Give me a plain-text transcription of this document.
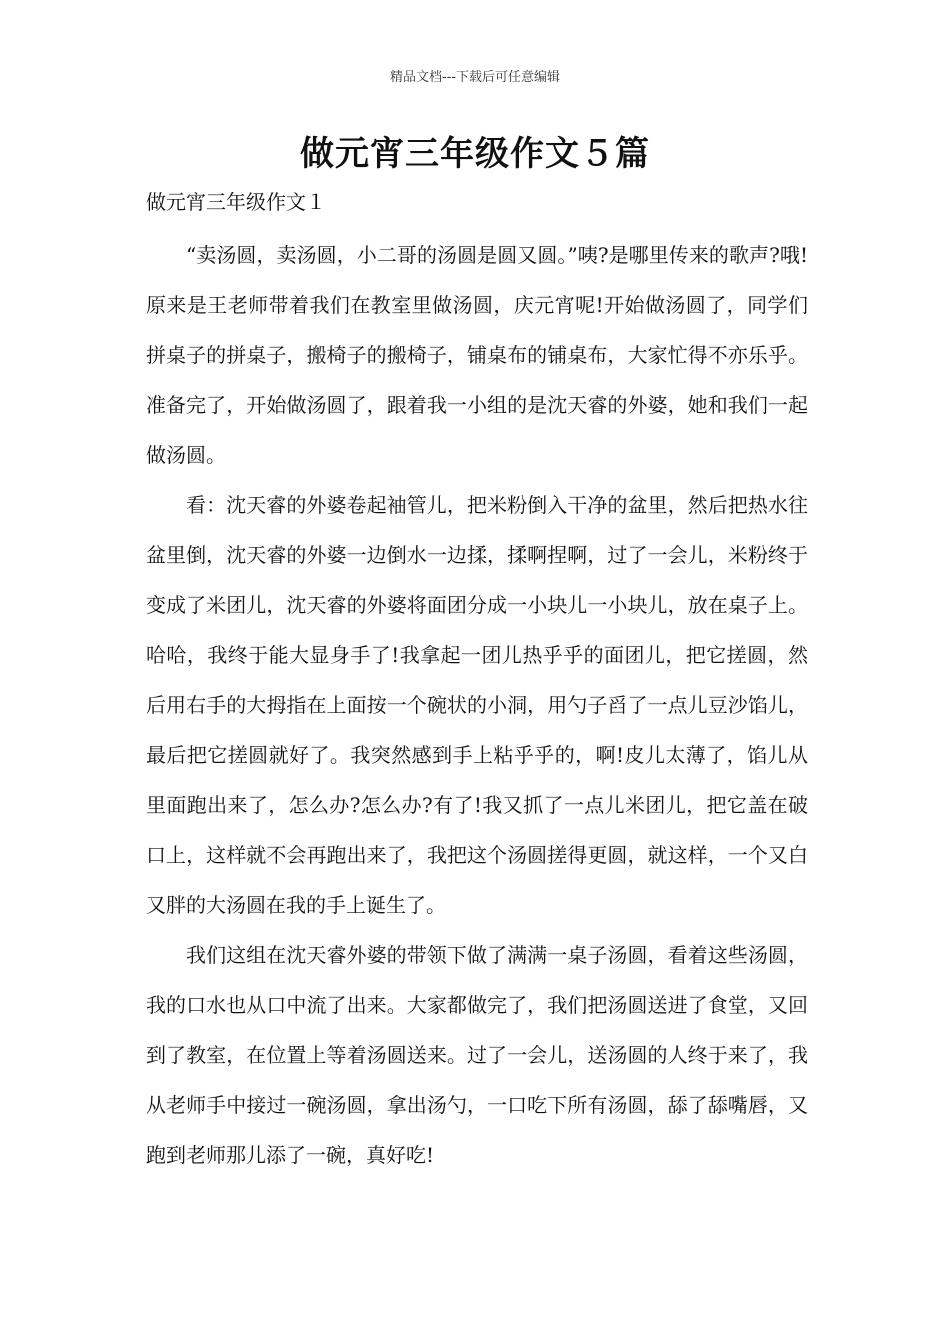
精品文档---下载后可任意编辑
做元宵三年级作文５篇

做元宵三年级作文１

“卖汤圆，卖汤圆，小二哥的汤圆是圆又圆。”咦?是哪里传来的歌声?哦!原来是王老师带着我们在教室里做汤圆，庆元宵呢!开始做汤圆了，同学们拼桌子的拼桌子，搬椅子的搬椅子，铺桌布的铺桌布，大家忙得不亦乐乎。准备完了，开始做汤圆了，跟着我一小组的是沈天睿的外婆，她和我们一起做汤圆。

看：沈天睿的外婆卷起袖管儿，把米粉倒入干净的盆里，然后把热水往盆里倒，沈天睿的外婆一边倒水一边揉，揉啊捏啊，过了一会儿，米粉终于变成了米团儿，沈天睿的外婆将面团分成一小块儿一小块儿，放在桌子上。哈哈，我终于能大显身手了!我拿起一团儿热乎乎的面团儿，把它搓圆，然后用右手的大拇指在上面按一个碗状的小洞，用勺子舀了一点儿豆沙馅儿，最后把它搓圆就好了。我突然感到手上粘乎乎的，啊!皮儿太薄了，馅儿从里面跑出来了，怎么办?怎么办?有了!我又抓了一点儿米团儿，把它盖在破口上，这样就不会再跑出来了，我把这个汤圆搓得更圆，就这样，一个又白又胖的大汤圆在我的手上诞生了。

我们这组在沈天睿外婆的带领下做了满满一桌子汤圆，看着这些汤圆，我的口水也从口中流了出来。大家都做完了，我们把汤圆送进了食堂，又回到了教室，在位置上等着汤圆送来。过了一会儿，送汤圆的人终于来了，我从老师手中接过一碗汤圆，拿出汤勺，一口吃下所有汤圆，舔了舔嘴唇，又跑到老师那儿添了一碗，真好吃!
